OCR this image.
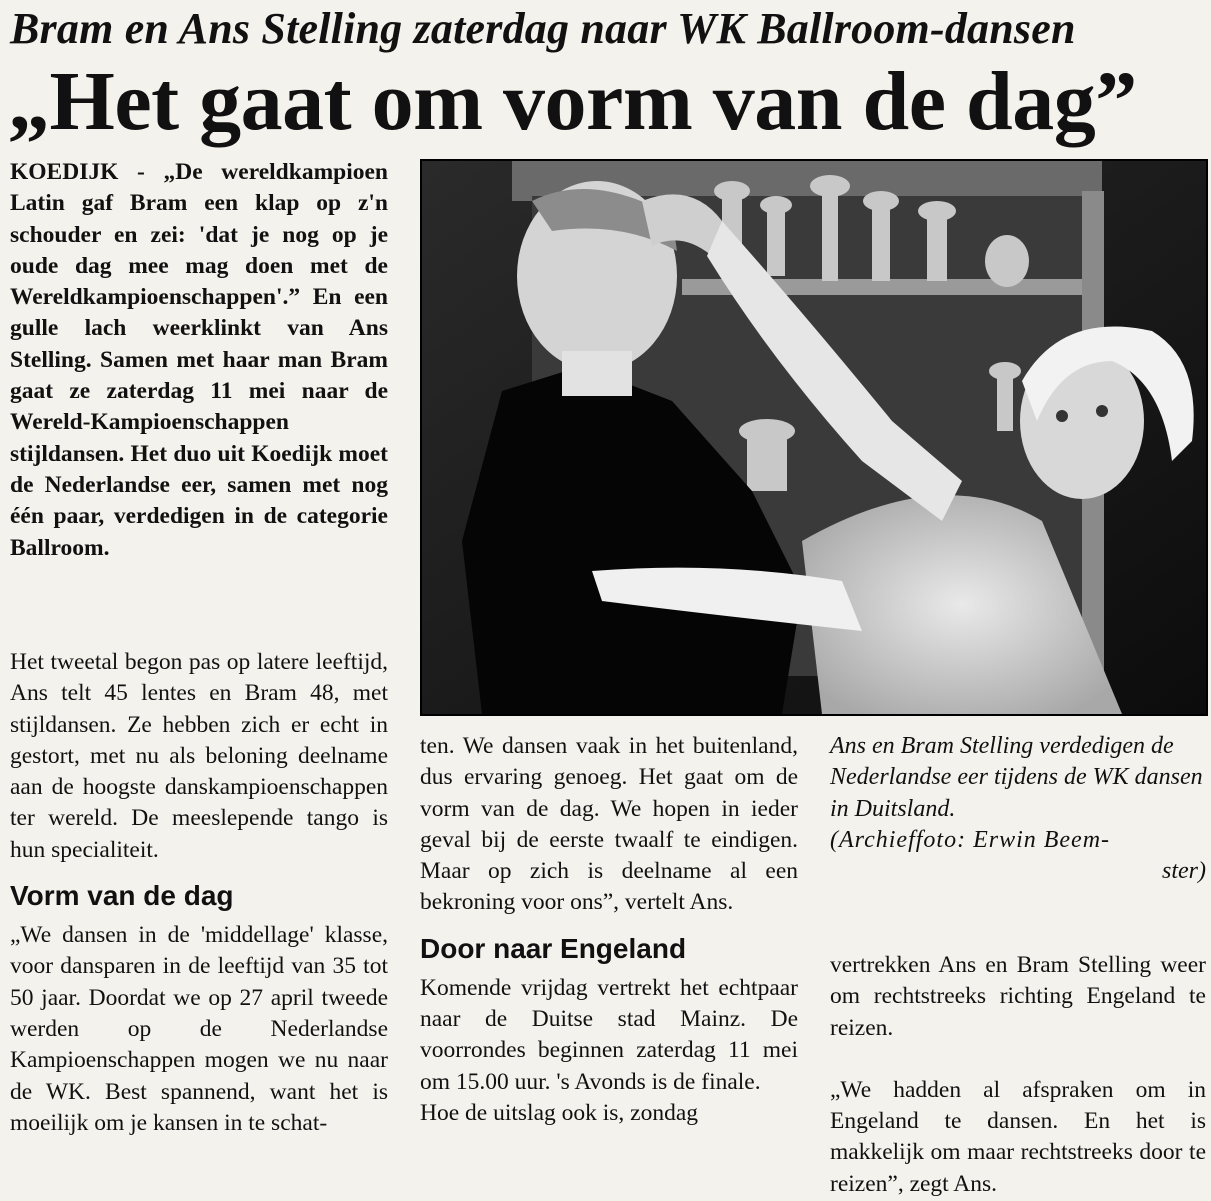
Bram en Ans Stelling zaterdag naar WK Ballroom-dansen
„Het gaat om vorm van de dag”
KOEDIJK - „De wereldkampioen Latin gaf Bram een klap op z'n schouder en zei: 'dat je nog op je oude dag mee mag doen met de Wereldkampioenschappen'.” En een gulle lach weerklinkt van Ans Stelling. Samen met haar man Bram gaat ze zaterdag 11 mei naar de Wereld-Kampioenschappen stijldansen. Het duo uit Koedijk moet de Nederlandse eer, samen met nog één paar, verdedigen in de categorie Ballroom.

Het tweetal begon pas op latere leeftijd, Ans telt 45 lentes en Bram 48, met stijldansen. Ze hebben zich er echt in gestort, met nu als beloning deelname aan de hoogste danskampioenschappen ter wereld. De meeslepende tango is hun specialiteit.

Vorm van de dag

„We dansen in de 'middellage' klasse, voor dansparen in de leeftijd van 35 tot 50 jaar. Doordat we op 27 april tweede werden op de Nederlandse Kampioenschappen mogen we nu naar de WK. Best spannend, want het is moeilijk om je kansen in te schat-

ten. We dansen vaak in het buitenland, dus ervaring genoeg. Het gaat om de vorm van de dag. We hopen in ieder geval bij de eerste twaalf te eindigen. Maar op zich is deelname al een bekroning voor ons”, vertelt Ans.

Door naar Engeland

Komende vrijdag vertrekt het echtpaar naar de Duitse stad Mainz. De voorrondes beginnen zaterdag 11 mei om 15.00 uur. 's Avonds is de finale.

Hoe de uitslag ook is, zondag

Ans en Bram Stelling verdedigen de Nederlandse eer tijdens de WK dansen in Duitsland.

(Archieffoto: Erwin Beem-

ster)

vertrekken Ans en Bram Stelling weer om rechtstreeks richting Engeland te reizen.

„We hadden al afspraken om in Engeland te dansen. En het is makkelijk om maar rechtstreeks door te reizen”, zegt Ans.
